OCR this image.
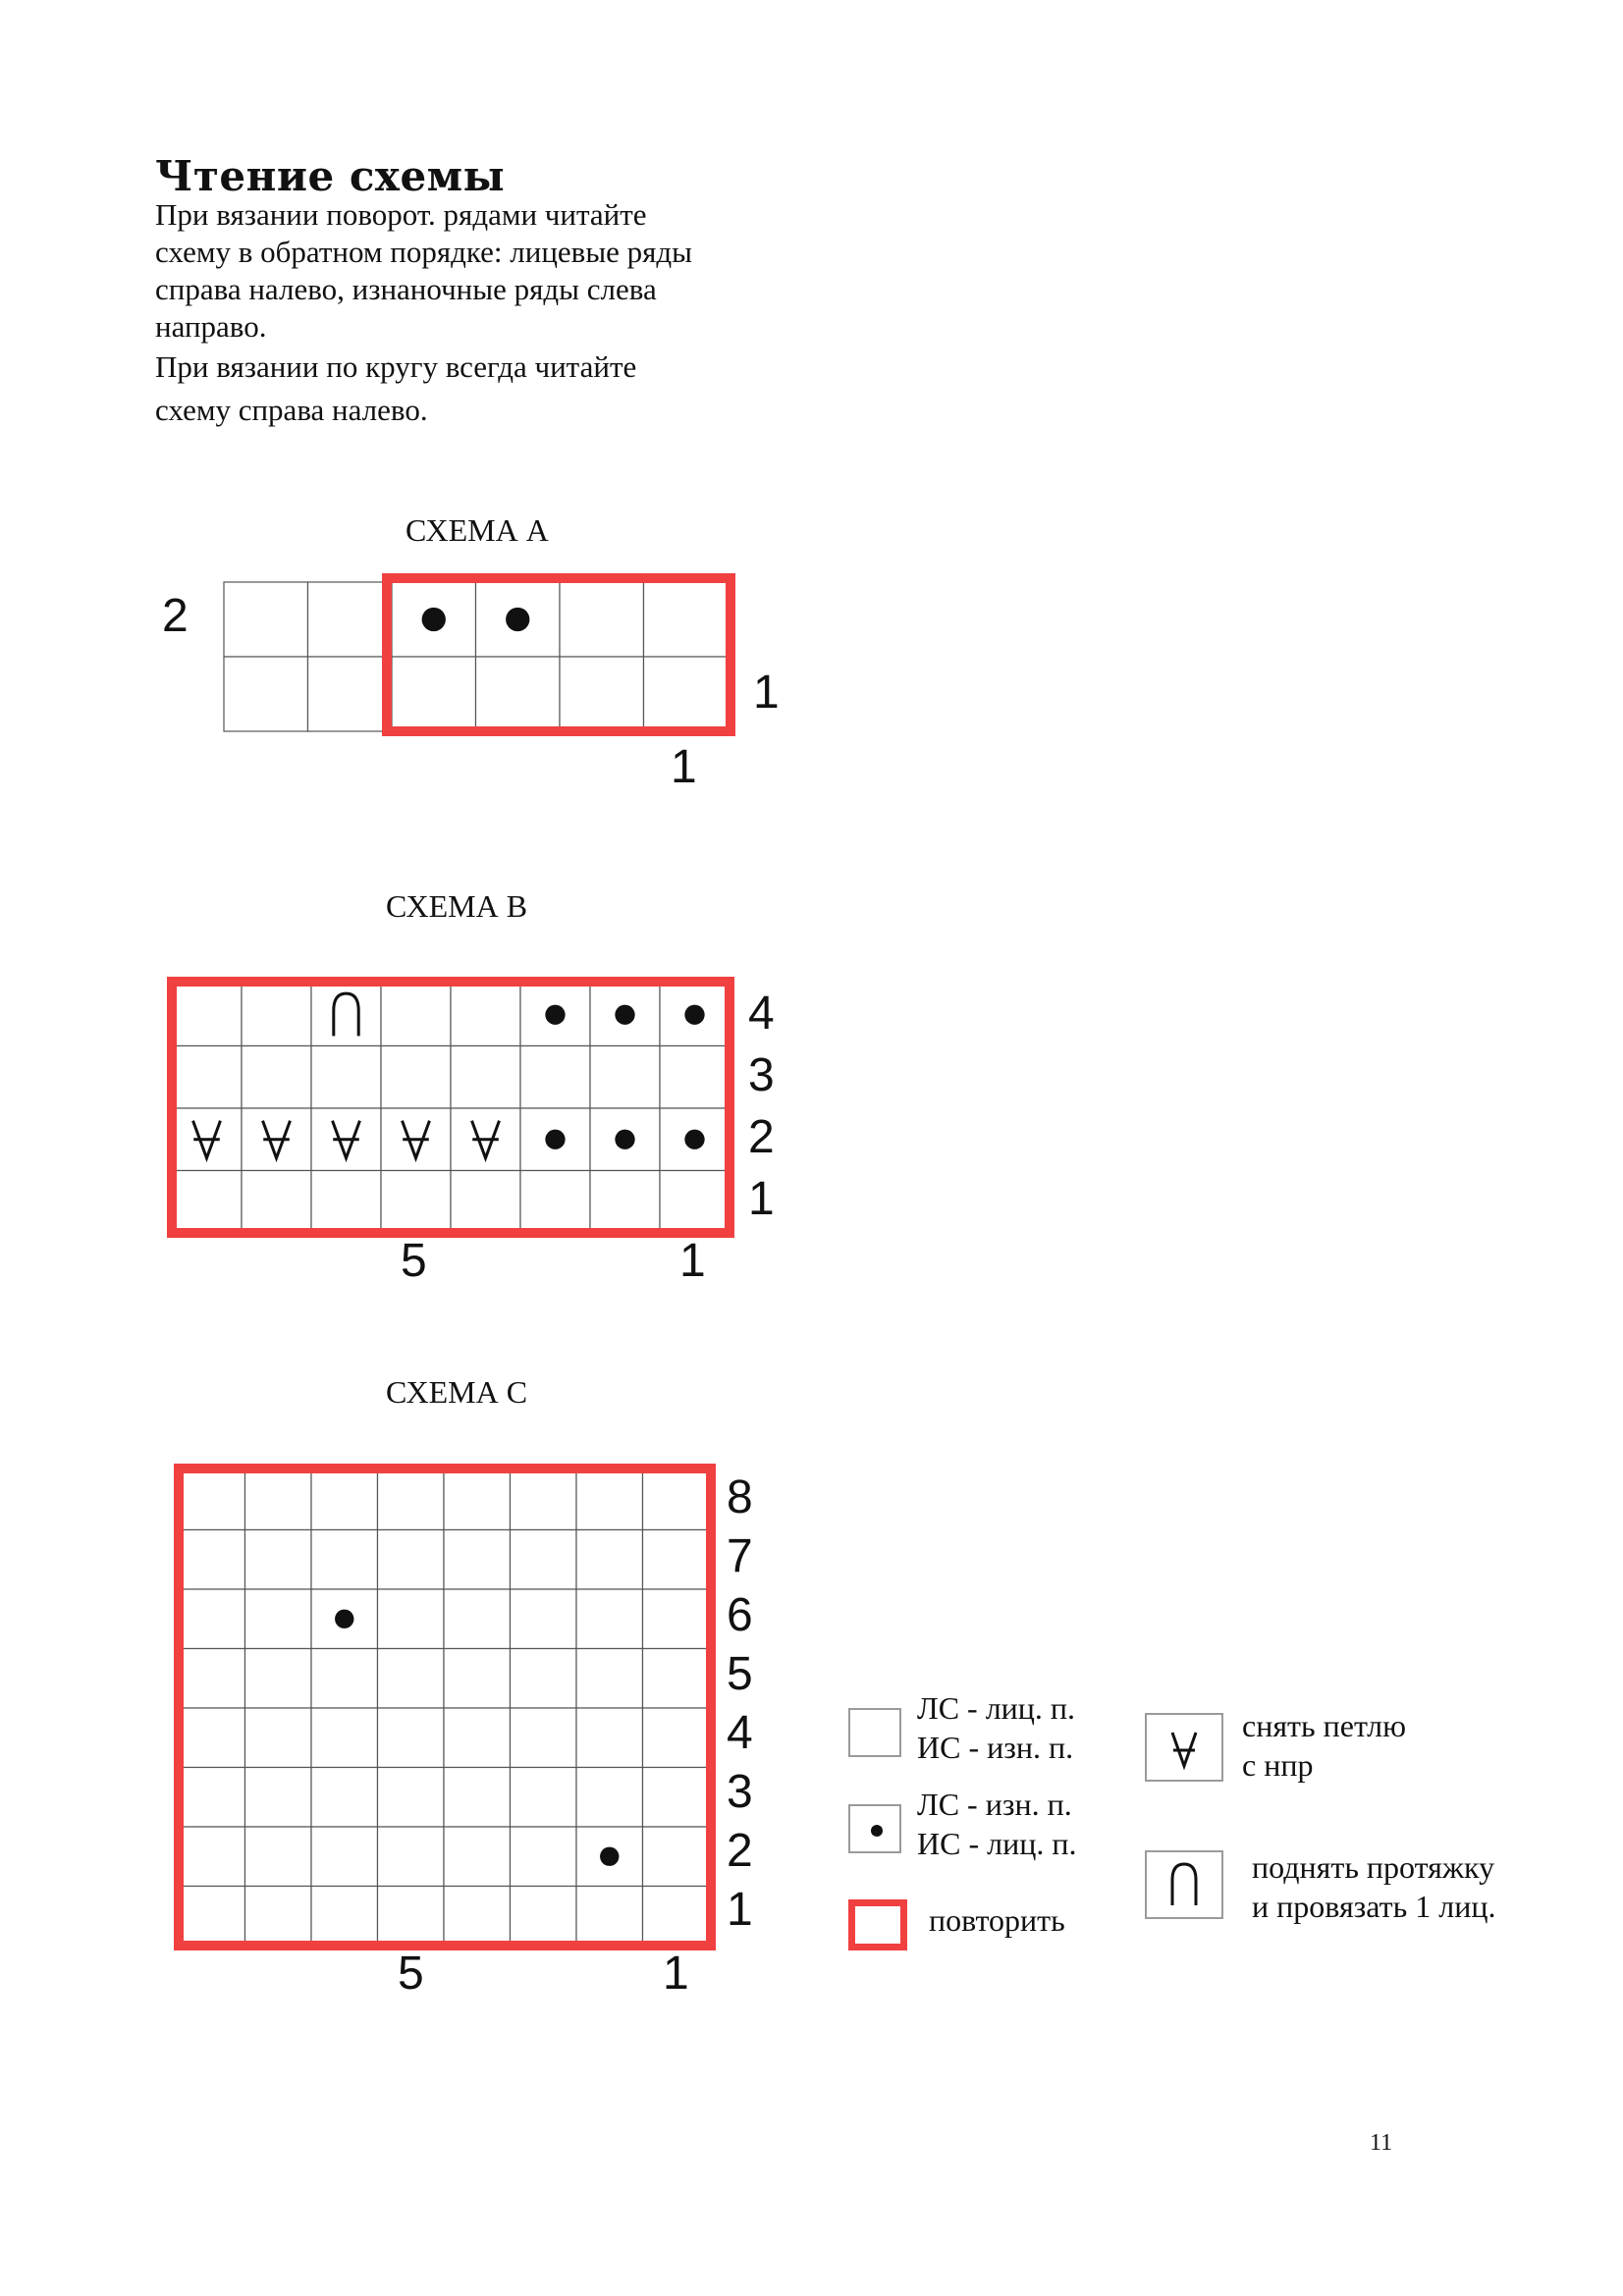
Чтение схемы
При вязании поворот. рядами читайте
схему в обратном порядке: лицевые ряды
справа налево, изнаночные ряды слева
направо.
При вязании по кругу всегда читайте
схему справа налево.
СХЕМА А
2
1
1
СХЕМА В
4
3
2
1
5	1
СХЕМА С
8
7
6
5
4
3
2
1
5	1
ЛС - лиц. п.
ИС - изн. п.
ЛС - изн. п.
ИС - лиц. п.
повторить
снять петлю
с нпр
поднять протяжку
и провязать 1 лиц.
11
